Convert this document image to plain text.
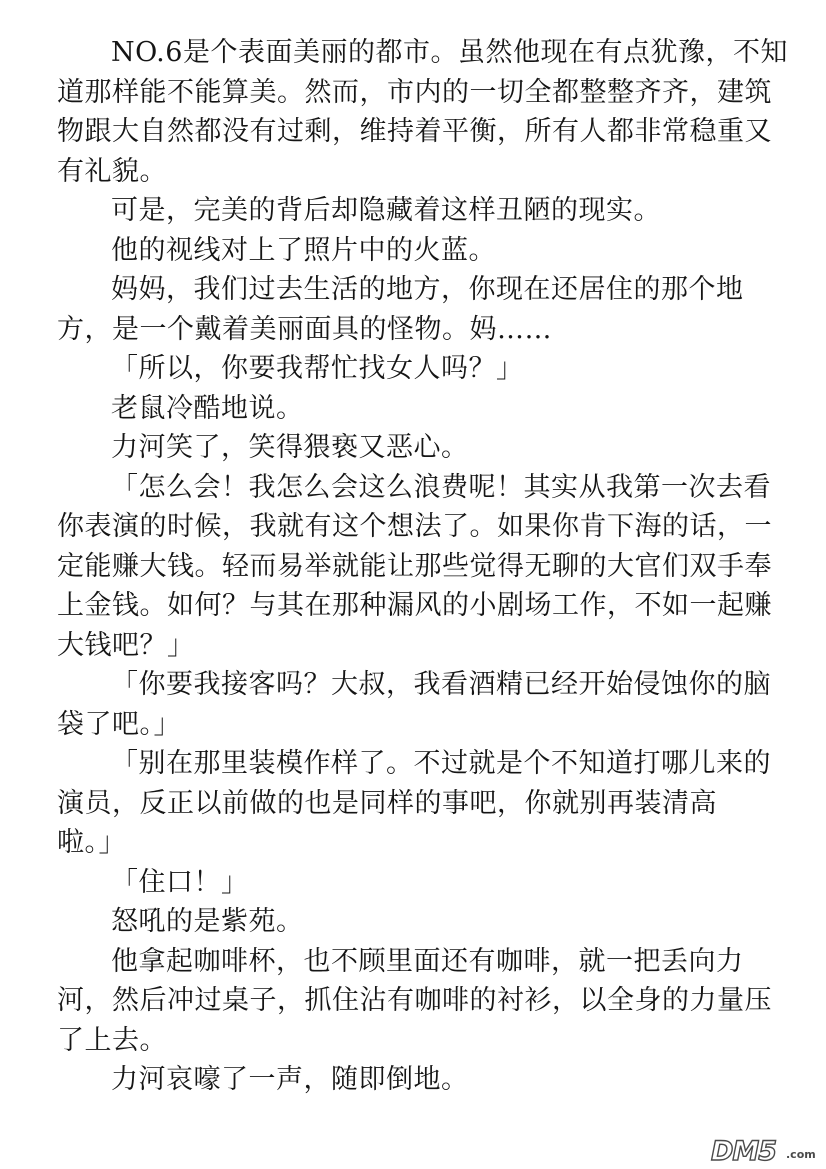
NO.6是个表面美丽的都市。虽然他现在有点犹豫，不知
道那样能不能算美。然而，市内的一切全都整整齐齐，建筑
物跟大自然都没有过剩，维持着平衡，所有人都非常稳重又
有礼貌。
可是，完美的背后却隐藏着这样丑陋的现实。
他的视线对上了照片中的火蓝。
妈妈，我们过去生活的地方，你现在还居住的那个地
方，是一个戴着美丽面具的怪物。妈……
「所以，你要我帮忙找女人吗？」
老鼠冷酷地说。
力河笑了，笑得猥亵又恶心。
「怎么会！我怎么会这么浪费呢！其实从我第一次去看
你表演的时候，我就有这个想法了。如果你肯下海的话，一
定能赚大钱。轻而易举就能让那些觉得无聊的大官们双手奉
上金钱。如何？与其在那种漏风的小剧场工作，不如一起赚
大钱吧？」
「你要我接客吗？大叔，我看酒精已经开始侵蚀你的脑
袋了吧。」
「别在那里装模作样了。不过就是个不知道打哪儿来的
演员，反正以前做的也是同样的事吧，你就别再装清高
啦。」
「住口！」
怒吼的是紫苑。
他拿起咖啡杯，也不顾里面还有咖啡，就一把丢向力
河，然后冲过桌子，抓住沾有咖啡的衬衫，以全身的力量压
了上去。
力河哀嚎了一声，随即倒地。
DM5 .com
